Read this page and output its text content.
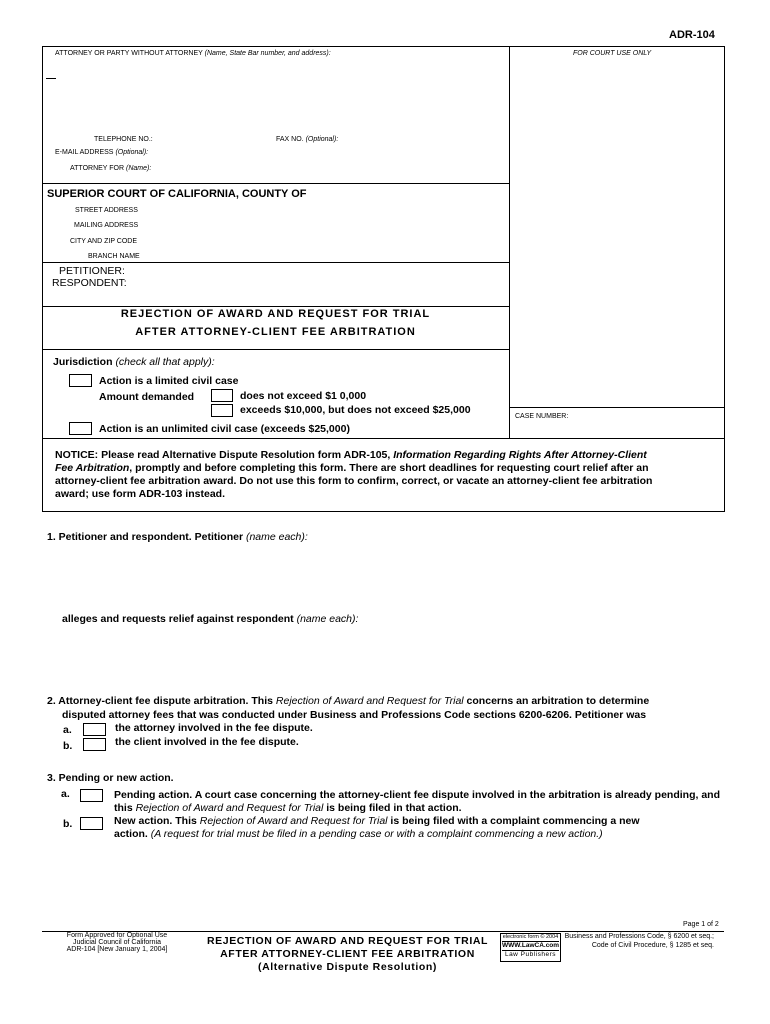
ADR-104
ATTORNEY OR PARTY WITHOUT ATTORNEY (Name, State Bar number, and address):	FOR COURT USE ONLY
TELEPHONE NO.:	FAX NO. (Optional):
E-MAIL ADDRESS (Optional):
ATTORNEY FOR (Name):
SUPERIOR COURT OF CALIFORNIA, COUNTY OF
STREET ADDRESS
MAILING ADDRESS
CITY AND ZIP CODE
BRANCH NAME
PETITIONER:
RESPONDENT:
REJECTION OF AWARD AND REQUEST FOR TRIAL
AFTER ATTORNEY-CLIENT FEE ARBITRATION
Jurisdiction (check all that apply):
Action is a limited civil case
Amount demanded	does not exceed $1 0,000
exceeds $10,000, but does not exceed $25,000
Action is an unlimited civil case (exceeds $25,000)
CASE NUMBER:
NOTICE: Please read Alternative Dispute Resolution form ADR-105, Information Regarding Rights After Attorney-Client
Fee Arbitration, promptly and before completing this form. There are short deadlines for requesting court relief after an
attorney-client fee arbitration award. Do not use this form to confirm, correct, or vacate an attorney-client fee arbitration
award; use form ADR-103 instead.
1. Petitioner and respondent. Petitioner (name each):
alleges and requests relief against respondent (name each):
2. Attorney-client fee dispute arbitration. This Rejection of Award and Request for Trial concerns an arbitration to determine
disputed attorney fees that was conducted under Business and Professions Code sections 6200-6206. Petitioner was
a.	the attorney involved in the fee dispute.
b.	the client involved in the fee dispute.
3. Pending or new action.
a.	Pending action. A court case concerning the attorney-client fee dispute involved in the arbitration is already pending, and
this Rejection of Award and Request for Trial is being filed in that action.
b.	New action. This Rejection of Award and Request for Trial is being filed with a complaint commencing a new
action. (A request for trial must be filed in a pending case or with a complaint commencing a new action.)
Page 1 of 2
Form Approved for Optional Use
Judicial Council of California
ADR-104 [New January 1, 2004]
REJECTION OF AWARD AND REQUEST FOR TRIAL
AFTER ATTORNEY-CLIENT FEE ARBITRATION
(Alternative Dispute Resolution)
electronic form © 2004
WWW.LawCA.com
Law Publishers
Business and Professions Code, § 6200 et seq.;
Code of Civil Procedure, § 1285 et seq.
